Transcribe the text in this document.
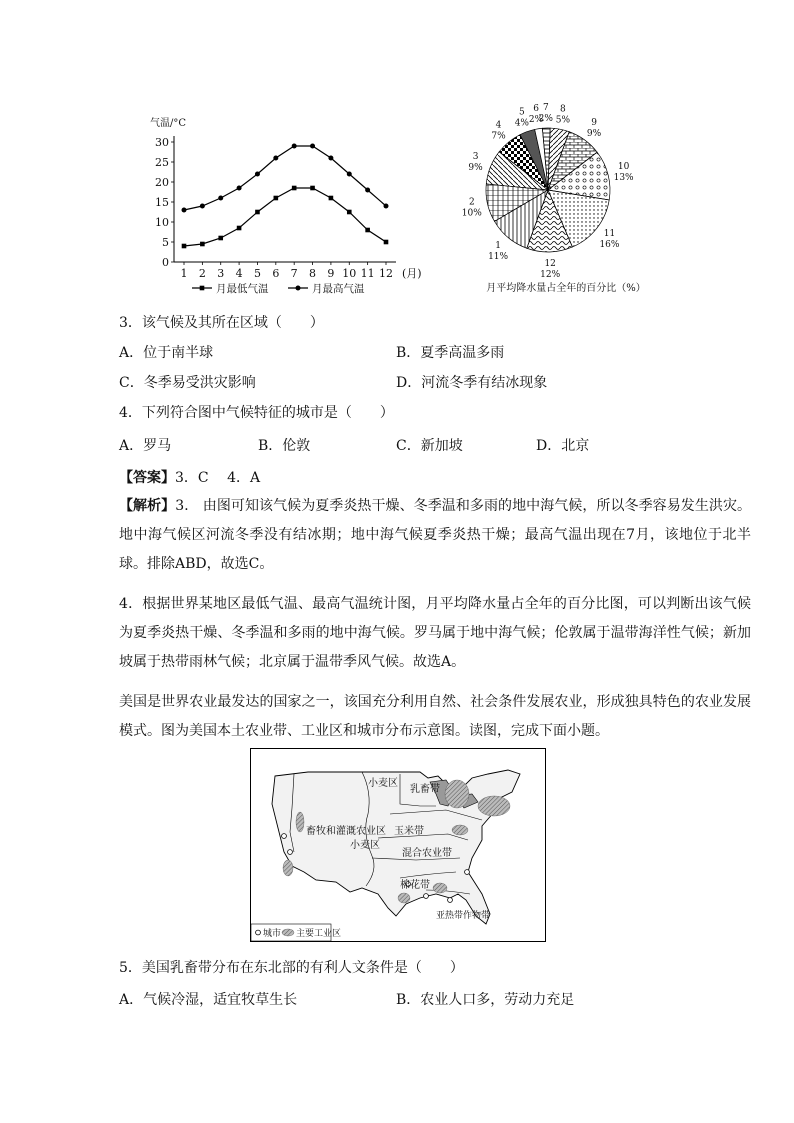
气温/°C
0
5
10
15
20
25
30
1 2 3 4 5 6 7 8 9 10 11 12 (月)
月最低气温	月最高气温
1
11%
2
10%
3
9%
4
7%
5
4%
6
2%
7
2%
8
5% 9
9%
10
13%
11
16%
12
12%
月平均降水量占全年的百分比（%）
3．该气候及其所在区域（　　）
A．位于南半球	B．夏季高温多雨
C．冬季易受洪灾影响	D．河流冬季有结冰现象
4．下列符合图中气候特征的城市是（　　）
A．罗马	B．伦敦	C．新加坡	D．北京
【答案】3．C　 4．A
【解析】3． 由图可知该气候为夏季炎热干燥、冬季温和多雨的地中海气候，所以冬季容易发生洪灾。地中海气候区河流冬季没有结冰期；地中海气候夏季炎热干燥；最高气温出现在7月，该地位于北半球。排除ABD，故选C。
4．根据世界某地区最低气温、最高气温统计图，月平均降水量占全年的百分比图，可以判断出该气候为夏季炎热干燥、冬季温和多雨的地中海气候。罗马属于地中海气候；伦敦属于温带海洋性气候；新加坡属于热带雨林气候；北京属于温带季风气候。故选A。
美国是世界农业最发达的国家之一，该国充分利用自然、社会条件发展农业，形成独具特色的农业发展模式。图为美国本土农业带、工业区和城市分布示意图。读图，完成下面小题。
小麦区
乳畜带
畜牧和灌溉农业区
小麦区
玉米带
混合农业带
棉花带
亚热带作物带
城市 主要工业区
5．美国乳畜带分布在东北部的有利人文条件是（　　）
A．气候冷湿，适宜牧草生长	B．农业人口多，劳动力充足
